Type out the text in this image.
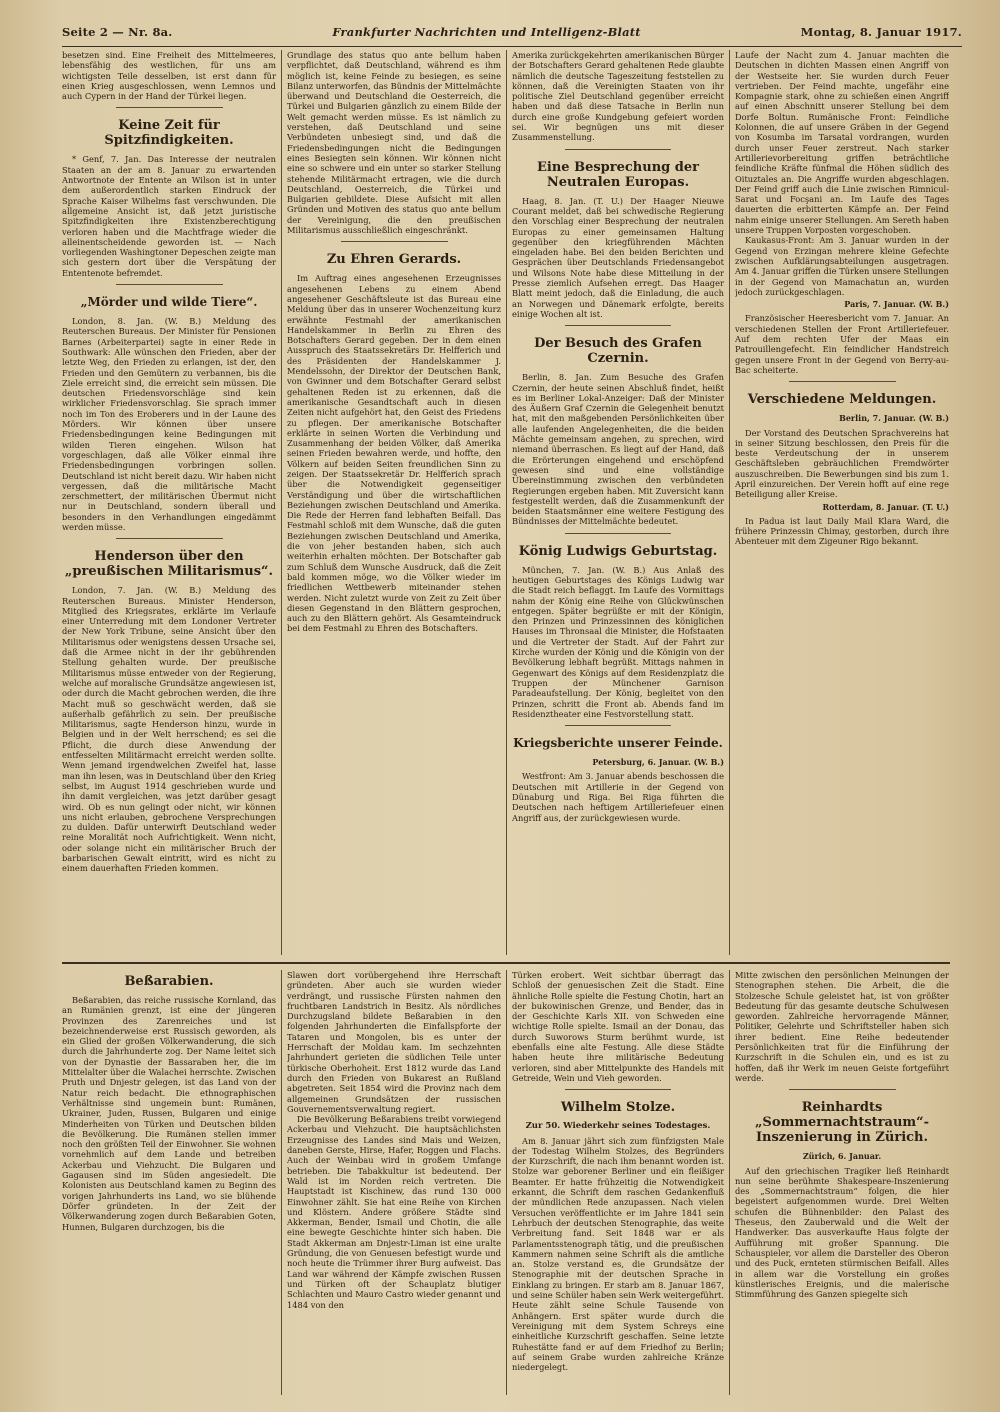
Seite 2 — Nr. 8a.	Frankfurter Nachrichten und Intelligenz-Blatt	Montag, 8. Januar 1917.

besetzen sind. Eine Freiheit des Mittelmeeres, lebensfähig des westlichen, für uns am wichtigsten Teile desselben, ist erst dann für einen Krieg ausgeschlossen, wenn Lemnos und auch Cypern in der Hand der Türkei liegen.

Keine Zeit für Spitzfindigkeiten.

* Genf, 7. Jan. Das Interesse der neutralen Staaten an der am 8. Januar zu erwartenden Antwortnote der Entente an Wilson ist in unter dem außerordentlich starken Eindruck der Sprache Kaiser Wilhelms fast verschwunden. Die allgemeine Ansicht ist, daß jetzt juristische Spitzfindigkeiten ihre Existenzberechtigung verloren haben und die Machtfrage wieder die alleinentscheidende geworden ist. — Nach vorliegenden Washingtoner Depeschen zeigte man sich gestern dort über die Verspätung der Ententenote befremdet.

„Mörder und wilde Tiere“.

London, 8. Jan. (W. B.) Meldung des Reuterschen Bureaus. Der Minister für Pensionen Barnes (Arbeiterpartei) sagte in einer Rede in Southwark: Alle wünschen den Frieden, aber der letzte Weg, den Frieden zu erlangen, ist der, den Frieden und den Gemütern zu verbannen, bis die Ziele erreicht sind, die erreicht sein müssen. Die deutschen Friedensvorschläge sind kein wirklicher Friedensvorschlag. Sie sprach immer noch im Ton des Eroberers und in der Laune des Mörders. Wir können über unsere Friedensbedingungen keine Bedingungen mit wilden Tieren eingehen. Wilson hat vorgeschlagen, daß alle Völker einmal ihre Friedensbedingungen vorbringen sollen. Deutschland ist nicht bereit dazu. Wir haben nicht vergessen, daß die militärische Macht zerschmettert, der militärischen Übermut nicht nur in Deutschland, sondern überall und besonders in den Verhandlungen eingedämmt werden müsse.

Henderson über den „preußischen Militarismus“.

London, 7. Jan. (W. B.) Meldung des Reuterschen Bureaus. Minister Henderson, Mitglied des Kriegsrates, erklärte im Verlaufe einer Unterredung mit dem Londoner Vertreter der New York Tribune, seine Ansicht über den Militarismus oder wenigstens dessen Ursache sei, daß die Armee nicht in der ihr gebührenden Stellung gehalten wurde. Der preußische Militarismus müsse entweder von der Regierung, welche auf moralische Grundsätze angewiesen ist, oder durch die Macht gebrochen werden, die ihre Macht muß so geschwächt werden, daß sie außerhalb gefährlich zu sein. Der preußische Militarismus, sagte Henderson hinzu, wurde in Belgien und in der Welt herrschend; es sei die Pflicht, die durch diese Anwendung der entfesselten Militärmacht erreicht werden sollte. Wenn jemand irgendwelchen Zweifel hat, lasse man ihn lesen, was in Deutschland über den Krieg selbst, im August 1914 geschrieben wurde und ihn damit vergleichen, was jetzt darüber gesagt wird. Ob es nun gelingt oder nicht, wir können uns nicht erlauben, gebrochene Versprechungen zu dulden. Dafür unterwirft Deutschland weder reine Moralität noch Aufrichtigkeit. Wenn nicht, oder solange nicht ein militärischer Bruch der barbarischen Gewalt eintritt, wird es nicht zu einem dauerhaften Frieden kommen.

Grundlage des status quo ante bellum haben verpflichtet, daß Deutschland, während es ihm möglich ist, keine Feinde zu besiegen, es seine Bilanz unterworfen, das Bündnis der Mittelmächte überwand und Deutschland die Oesterreich, die Türkei und Bulgarien gänzlich zu einem Bilde der Welt gemacht werden müsse. Es ist nämlich zu verstehen, daß Deutschland und seine Verbündeten unbesiegt sind, und daß die Friedensbedingungen nicht die Bedingungen eines Besiegten sein können. Wir können nicht eine so schwere und ein unter so starker Stellung stehende Militärmacht ertragen, wie die durch Deutschland, Oesterreich, die Türkei und Bulgarien gebildete. Diese Aufsicht mit allen Gründen und Motiven des status quo ante bellum der Vereinigung, die den preußischen Militarismus ausschließlich eingeschränkt.

Zu Ehren Gerards.

Im Auftrag eines angesehenen Erzeugnisses angesehenen Lebens zu einem Abend angesehener Geschäftsleute ist das Bureau eine Meldung über das in unserer Wochenzeitung kurz erwähnte Festmahl der amerikanischen Handelskammer in Berlin zu Ehren des Botschafters Gerard gegeben. Der in dem einen Ausspruch des Staatssekretärs Dr. Helfferich und des Präsidenten der Handelskammer J. Mendelssohn, der Direktor der Deutschen Bank, von Gwinner und dem Botschafter Gerard selbst gehaltenen Reden ist zu erkennen, daß die amerikanische Gesandtschaft auch in diesen Zeiten nicht aufgehört hat, den Geist des Friedens zu pflegen. Der amerikanische Botschafter erklärte in seinen Worten die Verbindung und Zusammenhang der beiden Völker, daß Amerika seinen Frieden bewahren werde, und hoffte, den Völkern auf beiden Seiten freundlichen Sinn zu zeigen. Der Staatssekretär Dr. Helfferich sprach über die Notwendigkeit gegenseitiger Verständigung und über die wirtschaftlichen Beziehungen zwischen Deutschland und Amerika. Die Rede der Herren fand lebhaften Beifall. Das Festmahl schloß mit dem Wunsche, daß die guten Beziehungen zwischen Deutschland und Amerika, die von jeher bestanden haben, sich auch weiterhin erhalten möchten. Der Botschafter gab zum Schluß dem Wunsche Ausdruck, daß die Zeit bald kommen möge, wo die Völker wieder im friedlichen Wettbewerb miteinander stehen werden. Nicht zuletzt wurde von Zeit zu Zeit über diesen Gegenstand in den Blättern gesprochen, auch zu den Blättern gehört. Als Gesamteindruck bei dem Festmahl zu Ehren des Botschafters.

Amerika zurückgekehrten amerikanischen Bürger der Botschafters Gerard gehaltenen Rede glaubte nämlich die deutsche Tageszeitung feststellen zu können, daß die Vereinigten Staaten von ihr politische Ziel Deutschland gegenüber erreicht haben und daß diese Tatsache in Berlin nun durch eine große Kundgebung gefeiert worden sei. Wir begnügen uns mit dieser Zusammenstellung.

Eine Besprechung der Neutralen Europas.

Haag, 8. Jan. (T. U.) Der Haager Nieuwe Courant meldet, daß bei schwedische Regierung den Vorschlag einer Besprechung der neutralen Europas zu einer gemeinsamen Haltung gegenüber den kriegführenden Mächten eingeladen habe. Bei den beiden Berichten und Gesprächen über Deutschlands Friedensangebot und Wilsons Note habe diese Mitteilung in der Presse ziemlich Aufsehen erregt. Das Haager Blatt meint jedoch, daß die Einladung, die auch an Norwegen und Dänemark erfolgte, bereits einige Wochen alt ist.

Der Besuch des Grafen Czernin.

Berlin, 8. Jan. Zum Besuche des Grafen Czernin, der heute seinen Abschluß findet, heißt es im Berliner Lokal-Anzeiger: Daß der Minister des Äußern Graf Czernin die Gelegenheit benutzt hat, mit den maßgebenden Persönlichkeiten über alle laufenden Angelegenheiten, die die beiden Mächte gemeinsam angehen, zu sprechen, wird niemand überraschen. Es liegt auf der Hand, daß die Erörterungen eingehend und erschöpfend gewesen sind und eine vollständige Übereinstimmung zwischen den verbündeten Regierungen ergeben haben. Mit Zuversicht kann festgestellt werden, daß die Zusammenkunft der beiden Staatsmänner eine weitere Festigung des Bündnisses der Mittelmächte bedeutet.

König Ludwigs Geburtstag.

München, 7. Jan. (W. B.) Aus Anlaß des heutigen Geburtstages des Königs Ludwig war die Stadt reich beflaggt. Im Laufe des Vormittags nahm der König eine Reihe von Glückwünschen entgegen. Später begrüßte er mit der Königin, den Prinzen und Prinzessinnen des königlichen Hauses im Thronsaal die Minister, die Hofstaaten und die Vertreter der Stadt. Auf der Fahrt zur Kirche wurden der König und die Königin von der Bevölkerung lebhaft begrüßt. Mittags nahmen in Gegenwart des Königs auf dem Residenzplatz die Truppen der Münchener Garnison Paradeaufstellung. Der König, begleitet von den Prinzen, schritt die Front ab. Abends fand im Residenztheater eine Festvorstellung statt.

Kriegsberichte unserer Feinde.
Petersburg, 6. Januar. (W. B.)

Westfront: Am 3. Januar abends beschossen die Deutschen mit Artillerie in der Gegend von Dünaburg und Riga. Bei Riga führten die Deutschen nach heftigem Artilleriefeuer einen Angriff aus, der zurückgewiesen wurde.

Laufe der Nacht zum 4. Januar machten die Deutschen in dichten Massen einen Angriff von der Westseite her. Sie wurden durch Feuer vertrieben. Der Feind machte, ungefähr eine Kompagnie stark, ohne zu schießen einen Angriff auf einen Abschnitt unserer Stellung bei dem Dorfe Boltun. Rumänische Front: Feindliche Kolonnen, die auf unsere Gräben in der Gegend von Kosumba im Tarsatal vordrangen, wurden durch unser Feuer zerstreut. Nach starker Artillerievorbereitung griffen beträchtliche feindliche Kräfte fünfmal die Höhen südlich des Oituztales an. Die Angriffe wurden abgeschlagen. Der Feind griff auch die Linie zwischen Rimnicul-Sarat und Focşani an. Im Laufe des Tages dauerten die erbitterten Kämpfe an. Der Feind nahm einige unserer Stellungen. Am Sereth haben unsere Truppen Vorposten vorgeschoben.

Kaukasus-Front: Am 3. Januar wurden in der Gegend von Erzingan mehrere kleine Gefechte zwischen Aufklärungsabteilungen ausgetragen. Am 4. Januar griffen die Türken unsere Stellungen in der Gegend von Mamachatun an, wurden jedoch zurückgeschlagen.

Paris, 7. Januar. (W. B.)

Französischer Heeresbericht vom 7. Januar. An verschiedenen Stellen der Front Artilleriefeuer. Auf dem rechten Ufer der Maas ein Patrouillengefecht. Ein feindlicher Handstreich gegen unsere Front in der Gegend von Berry-au-Bac scheiterte.

Verschiedene Meldungen.
Berlin, 7. Januar. (W. B.)

Der Vorstand des Deutschen Sprachvereins hat in seiner Sitzung beschlossen, den Preis für die beste Verdeutschung der in unserem Geschäftsleben gebräuchlichen Fremdwörter auszuschreiben. Die Bewerbungen sind bis zum 1. April einzureichen. Der Verein hofft auf eine rege Beteiligung aller Kreise.

Rotterdam, 8. Januar. (T. U.)

In Padua ist laut Daily Mail Klara Ward, die frühere Prinzessin Chimay, gestorben, durch ihre Abenteuer mit dem Zigeuner Rigo bekannt.

Beßarabien.

Beßarabien, das reiche russische Kornland, das an Rumänien grenzt, ist eine der jüngeren Provinzen des Zarenreiches und ist bezeichnenderweise erst Russisch geworden, als ein Glied der großen Völkerwanderung, die sich durch die Jahrhunderte zog. Der Name leitet sich von der Dynastie der Bassaraben her, die im Mittelalter über die Walachei herrschte. Zwischen Pruth und Dnjestr gelegen, ist das Land von der Natur reich bedacht. Die ethnographischen Verhältnisse sind ungemein bunt: Rumänen, Ukrainer, Juden, Russen, Bulgaren und einige Minderheiten von Türken und Deutschen bilden die Bevölkerung. Die Rumänen stellen immer noch den größten Teil der Einwohner. Sie wohnen vornehmlich auf dem Lande und betreiben Ackerbau und Viehzucht. Die Bulgaren und Gagausen sind im Süden angesiedelt. Die Kolonisten aus Deutschland kamen zu Beginn des vorigen Jahrhunderts ins Land, wo sie blühende Dörfer gründeten. In der Zeit der Völkerwanderung zogen durch Beßarabien Goten, Hunnen, Bulgaren durchzogen, bis die

Slawen dort vorübergehend ihre Herrschaft gründeten. Aber auch sie wurden wieder verdrängt, und russische Fürsten nahmen den fruchtbaren Landstrich in Besitz. Als nördliches Durchzugsland bildete Beßarabien in den folgenden Jahrhunderten die Einfallspforte der Tataren und Mongolen, bis es unter der Herrschaft der Moldau kam. Im sechzehnten Jahrhundert gerieten die südlichen Teile unter türkische Oberhoheit. Erst 1812 wurde das Land durch den Frieden von Bukarest an Rußland abgetreten. Seit 1854 wird die Provinz nach dem allgemeinen Grundsätzen der russischen Gouvernementsverwaltung regiert.

Die Bevölkerung Beßarabiens treibt vorwiegend Ackerbau und Viehzucht. Die hauptsächlichsten Erzeugnisse des Landes sind Mais und Weizen, daneben Gerste, Hirse, Hafer, Roggen und Flachs. Auch der Weinbau wird in großem Umfange betrieben. Die Tabakkultur ist bedeutend. Der Wald ist im Norden reich vertreten. Die Hauptstadt ist Kischinew, das rund 130 000 Einwohner zählt. Sie hat eine Reihe von Kirchen und Klöstern. Andere größere Städte sind Akkerman, Bender, Ismail und Chotin, die alle eine bewegte Geschichte hinter sich haben. Die Stadt Akkerman am Dnjestr-Liman ist eine uralte Gründung, die von Genuesen befestigt wurde und noch heute die Trümmer ihrer Burg aufweist. Das Land war während der Kämpfe zwischen Russen und Türken oft der Schauplatz blutiger Schlachten und Mauro Castro wieder genannt und 1484 von den

Türken erobert. Weit sichtbar überragt das Schloß der genuesischen Zeit die Stadt. Eine ähnliche Rolle spielte die Festung Chotin, hart an der bukowinischen Grenze, und Bender, das in der Geschichte Karls XII. von Schweden eine wichtige Rolle spielte. Ismail an der Donau, das durch Suworows Sturm berühmt wurde, ist ebenfalls eine alte Festung. Alle diese Städte haben heute ihre militärische Bedeutung verloren, sind aber Mittelpunkte des Handels mit Getreide, Wein und Vieh geworden.

Wilhelm Stolze.
Zur 50. Wiederkehr seines Todestages.

Am 8. Januar jährt sich zum fünfzigsten Male der Todestag Wilhelm Stolzes, des Begründers der Kurzschrift, die nach ihm benannt worden ist. Stolze war geborener Berliner und ein fleißiger Beamter. Er hatte frühzeitig die Notwendigkeit erkannt, die Schrift dem raschen Gedankenfluß der mündlichen Rede anzupassen. Nach vielen Versuchen veröffentlichte er im Jahre 1841 sein Lehrbuch der deutschen Stenographie, das weite Verbreitung fand. Seit 1848 war er als Parlamentsstenograph tätig, und die preußischen Kammern nahmen seine Schrift als die amtliche an. Stolze verstand es, die Grundsätze der Stenographie mit der deutschen Sprache in Einklang zu bringen. Er starb am 8. Januar 1867, und seine Schüler haben sein Werk weitergeführt. Heute zählt seine Schule Tausende von Anhängern. Erst später wurde durch die Vereinigung mit dem System Schreys eine einheitliche Kurzschrift geschaffen. Seine letzte Ruhestätte fand er auf dem Friedhof zu Berlin; auf seinem Grabe wurden zahlreiche Kränze niedergelegt.

Mitte zwischen den persönlichen Meinungen der Stenographen stehen. Die Arbeit, die die Stolzesche Schule geleistet hat, ist von größter Bedeutung für das gesamte deutsche Schulwesen geworden. Zahlreiche hervorragende Männer, Politiker, Gelehrte und Schriftsteller haben sich ihrer bedient. Eine Reihe bedeutender Persönlichkeiten trat für die Einführung der Kurzschrift in die Schulen ein, und es ist zu hoffen, daß ihr Werk im neuen Geiste fortgeführt werde.

Reinhardts „Sommernachtstraum“-Inszenierung in Zürich.
Zürich, 6. Januar.

Auf den griechischen Tragiker ließ Reinhardt nun seine berühmte Shakespeare-Inszenierung des „Sommernachtstraum“ folgen, die hier begeistert aufgenommen wurde. Drei Welten schufen die Bühnenbilder: den Palast des Theseus, den Zauberwald und die Welt der Handwerker. Das ausverkaufte Haus folgte der Aufführung mit großer Spannung. Die Schauspieler, vor allem die Darsteller des Oberon und des Puck, ernteten stürmischen Beifall. Alles in allem war die Vorstellung ein großes künstlerisches Ereignis, und die malerische Stimmführung des Ganzen spiegelte sich
